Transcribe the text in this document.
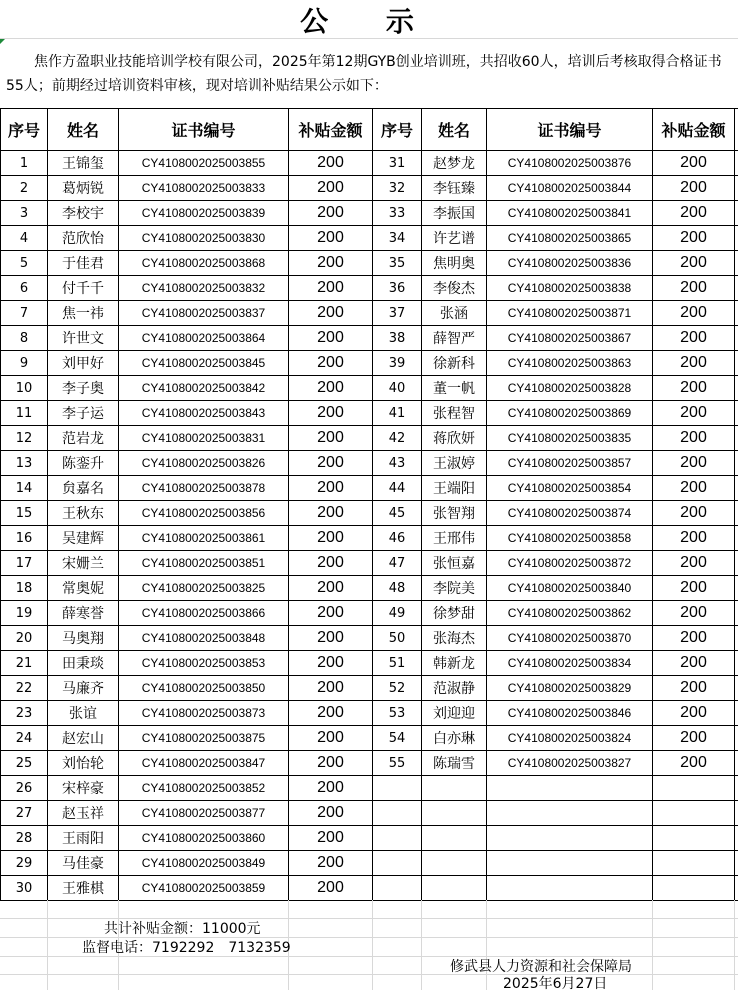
公 示
焦作方盈职业技能培训学校有限公司，2025年第12期GYB创业培训班，共招收60人，培训后考核取得合格证书55人；前期经过培训资料审核，现对培训补贴结果公示如下：
序号	姓名	证书编号	补贴金额	序号	姓名	证书编号	补贴金额	
1	王锦玺	CY4108002025003855	200	31	赵梦龙	CY4108002025003876	200	
2	葛炳锐	CY4108002025003833	200	32	李钰臻	CY4108002025003844	200	
3	李校宇	CY4108002025003839	200	33	李振国	CY4108002025003841	200	
4	范欣怡	CY4108002025003830	200	34	许艺谱	CY4108002025003865	200	
5	于佳君	CY4108002025003868	200	35	焦明奥	CY4108002025003836	200	
6	付千千	CY4108002025003832	200	36	李俊杰	CY4108002025003838	200	
7	焦一祎	CY4108002025003837	200	37	张涵	CY4108002025003871	200	
8	许世文	CY4108002025003864	200	38	薛智严	CY4108002025003867	200	
9	刘甲好	CY4108002025003845	200	39	徐新科	CY4108002025003863	200	
10	李子奥	CY4108002025003842	200	40	董一帆	CY4108002025003828	200	
11	李子运	CY4108002025003843	200	41	张程智	CY4108002025003869	200	
12	范岩龙	CY4108002025003831	200	42	蒋欣妍	CY4108002025003835	200	
13	陈銮升	CY4108002025003826	200	43	王淑婷	CY4108002025003857	200	
14	贠嘉名	CY4108002025003878	200	44	王端阳	CY4108002025003854	200	
15	王秋东	CY4108002025003856	200	45	张智翔	CY4108002025003874	200	
16	吴建辉	CY4108002025003861	200	46	王邢伟	CY4108002025003858	200	
17	宋姗兰	CY4108002025003851	200	47	张恒嘉	CY4108002025003872	200	
18	常奥妮	CY4108002025003825	200	48	李院美	CY4108002025003840	200	
19	薛寒誉	CY4108002025003866	200	49	徐梦甜	CY4108002025003862	200	
20	马奥翔	CY4108002025003848	200	50	张海杰	CY4108002025003870	200	
21	田秉琰	CY4108002025003853	200	51	韩新龙	CY4108002025003834	200	
22	马廉齐	CY4108002025003850	200	52	范淑静	CY4108002025003829	200	
23	张谊	CY4108002025003873	200	53	刘迎迎	CY4108002025003846	200	
24	赵宏山	CY4108002025003875	200	54	白亦琳	CY4108002025003824	200	
25	刘怡轮	CY4108002025003847	200	55	陈瑞雪	CY4108002025003827	200	
26	宋梓豪	CY4108002025003852	200					
27	赵玉祥	CY4108002025003877	200					
28	王雨阳	CY4108002025003860	200					
29	马佳豪	CY4108002025003849	200					
30	王雅棋	CY4108002025003859	200					
共计补贴金额：11000元
监督电话：7192292 7132359
修武县人力资源和社会保障局
2025年6月27日
